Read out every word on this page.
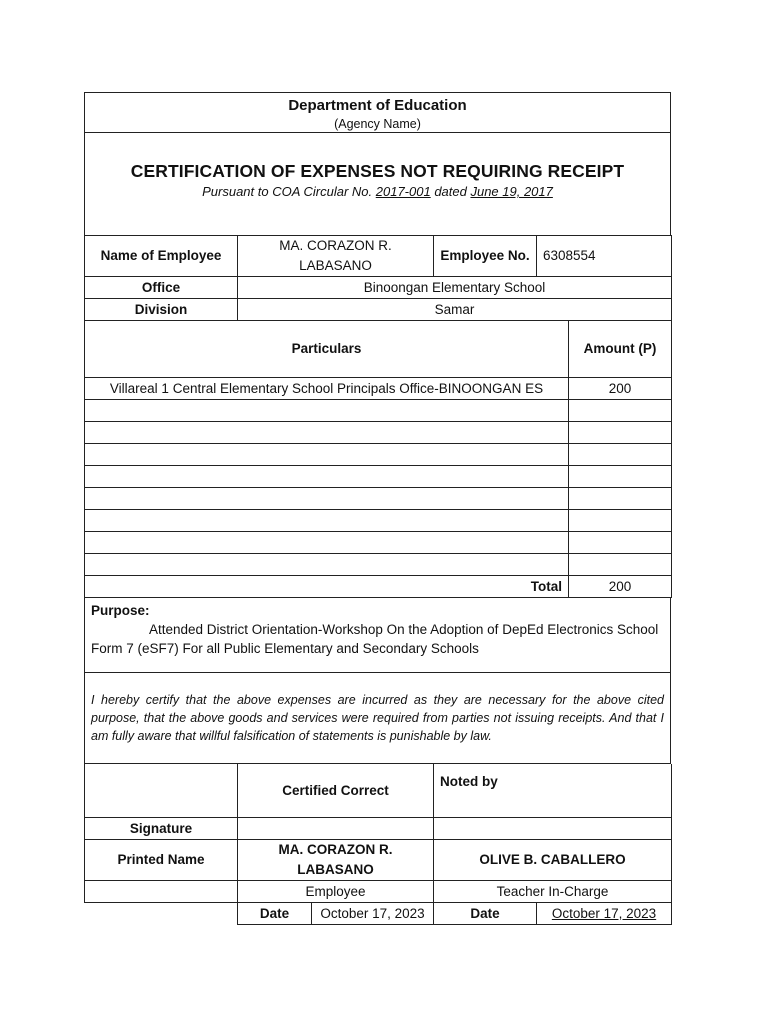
Department of Education
(Agency Name)
CERTIFICATION OF EXPENSES NOT REQUIRING RECEIPT
Pursuant to COA Circular No. 2017-001 dated June 19, 2017
Name of Employee	MA. CORAZON R. LABASANO	Employee No.	6308554	
Office	Binoongan Elementary School			
Division	Samar			
Particulars				Amount (P)
Villareal 1 Central Elementary School Principals Office-BINOONGAN ES				200

Total				200
Purpose:
Attended District Orientation-Workshop On the Adoption of DepEd Electronics School Form 7 (eSF7) For all Public Elementary and Secondary Schools
I hereby certify that the above expenses are incurred as they are necessary for the above cited purpose, that the above goods and services were required from parties not issuing receipts. And that I am fully aware that willful falsification of statements is punishable by law.
	Certified Correct		Noted by	
Signature				
Printed Name	MA. CORAZON R. LABASANO		OLIVE B. CABALLERO	
	Employee		Teacher In-Charge	
	Date	October 17, 2023	Date	October 17, 2023
